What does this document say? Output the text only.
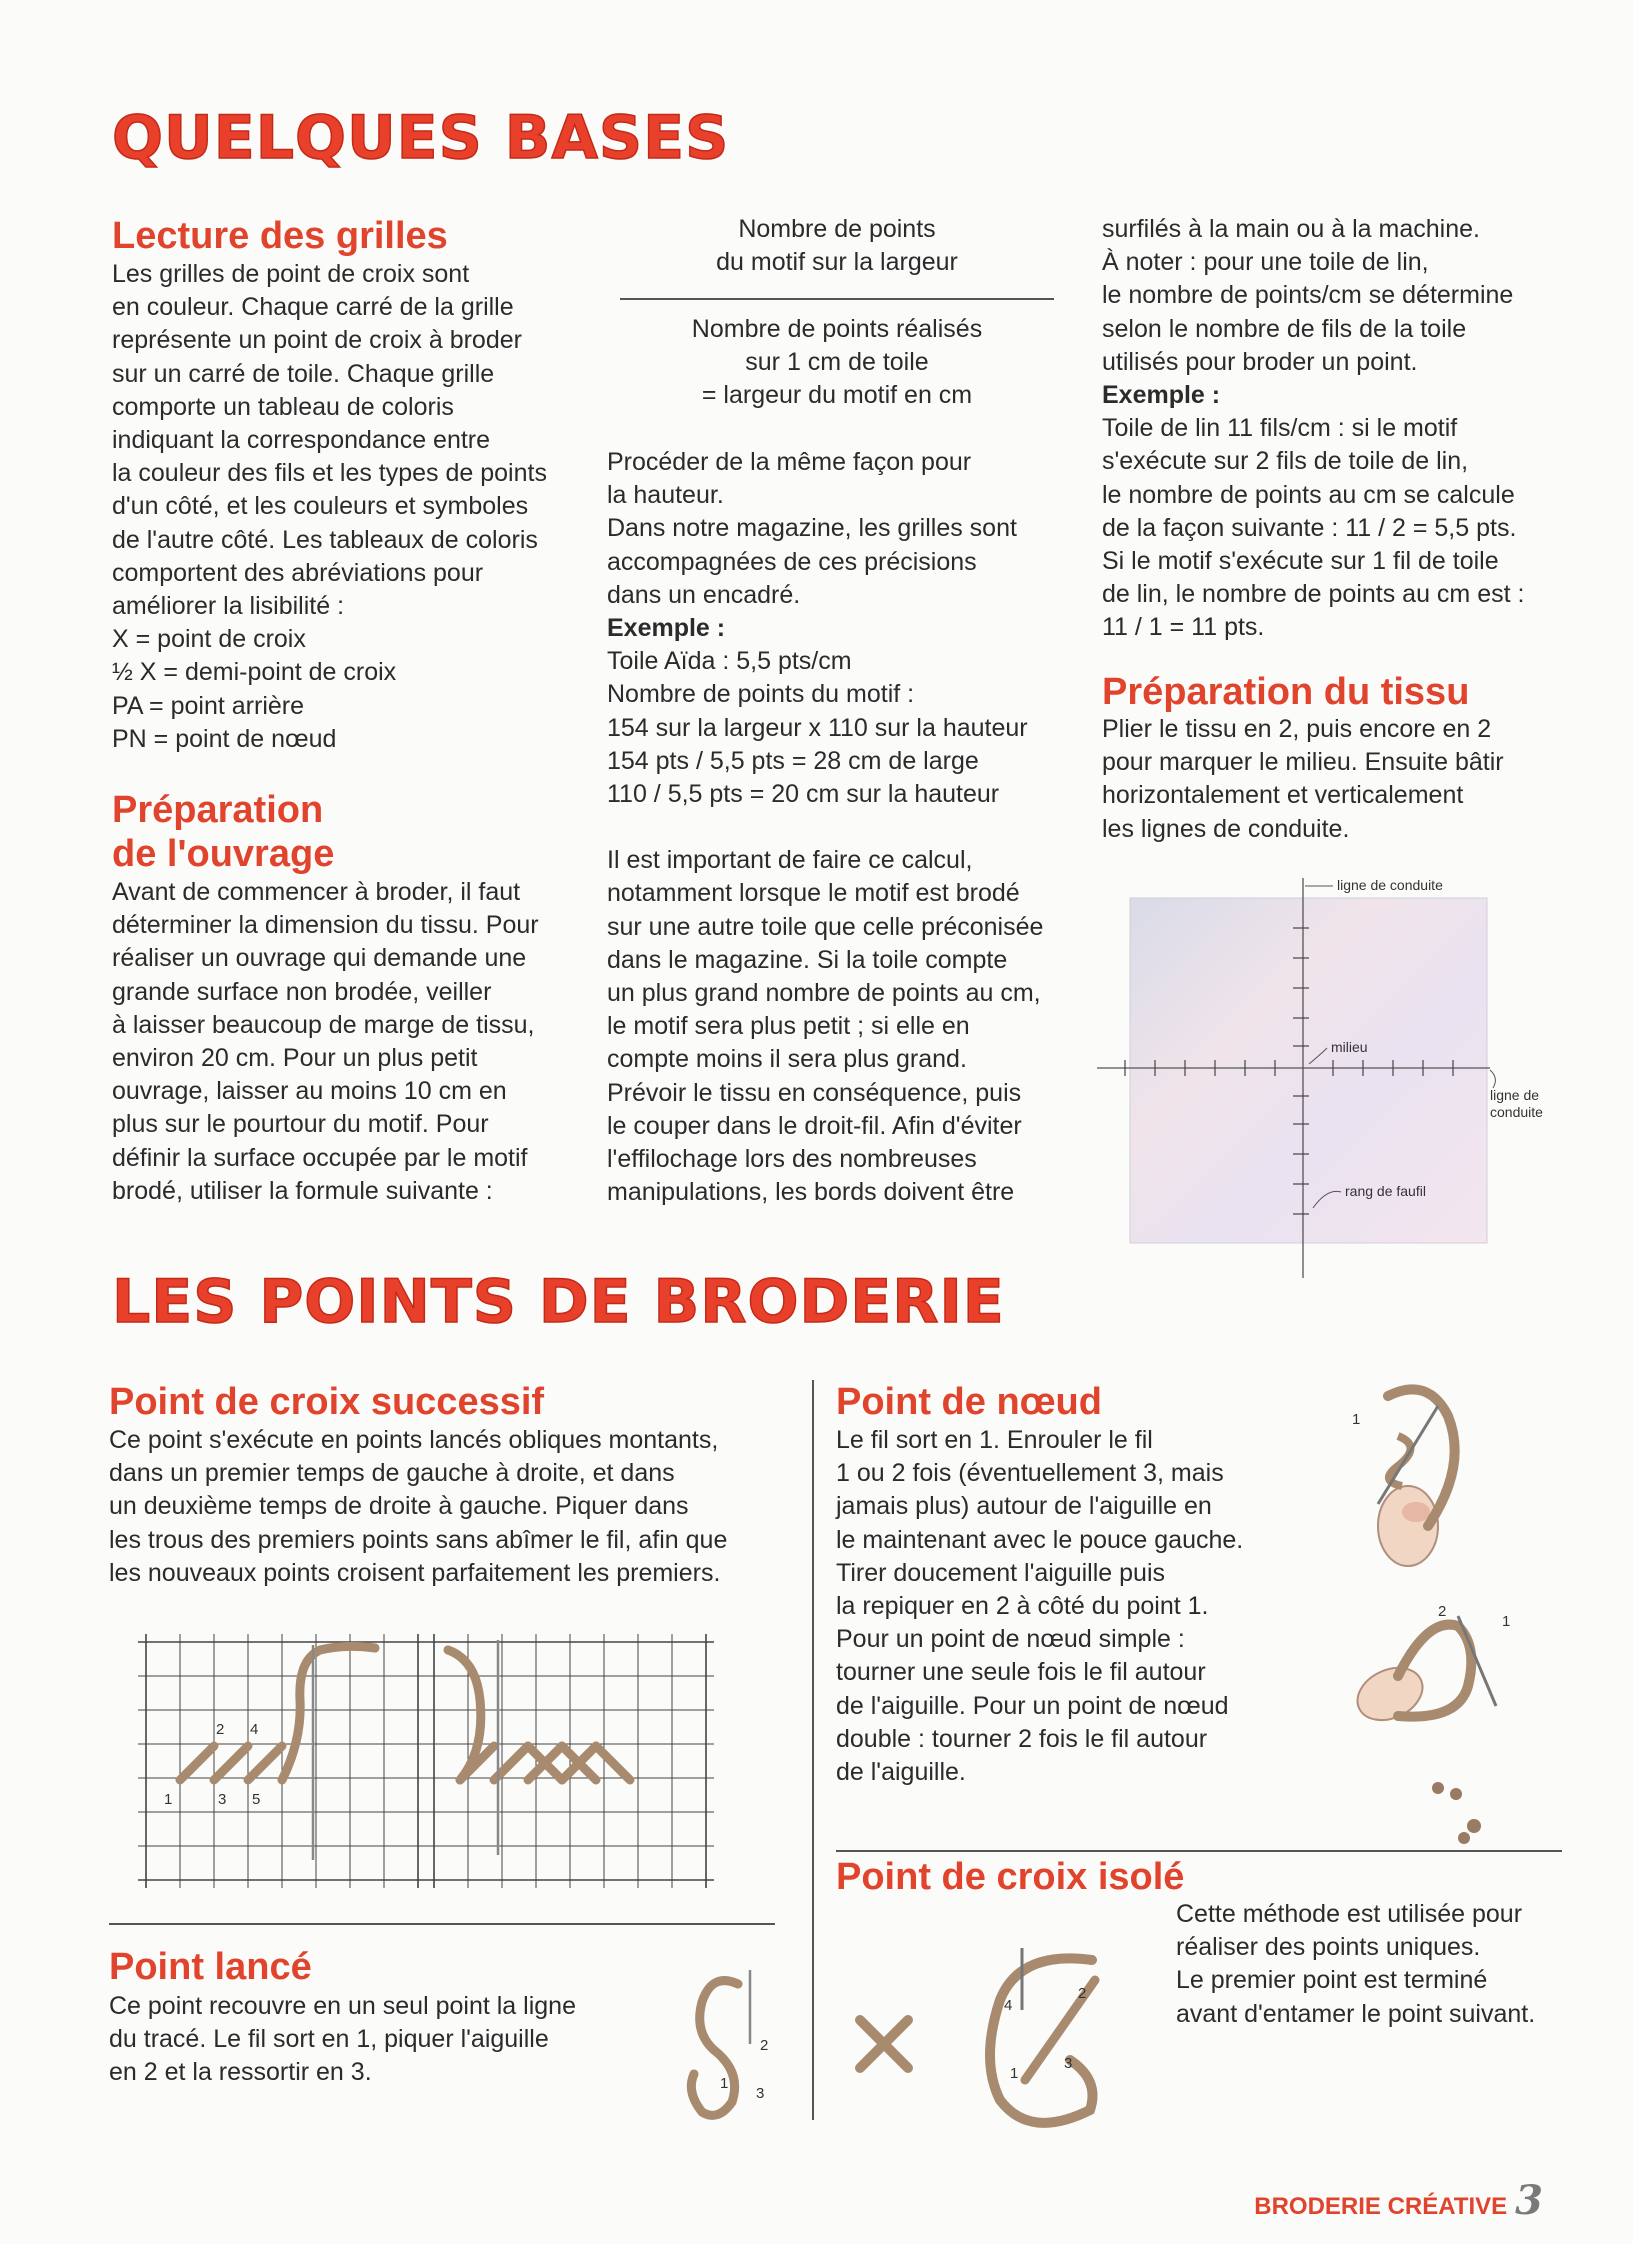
QUELQUES BASES
LES POINTS DE BRODERIE
Lecture des grilles
Les grilles de point de croix sont
en couleur. Chaque carré de la grille
représente un point de croix à broder
sur un carré de toile. Chaque grille
comporte un tableau de coloris
indiquant la correspondance entre
la couleur des fils et les types de points
d'un côté, et les couleurs et symboles
de l'autre côté. Les tableaux de coloris
comportent des abréviations pour
améliorer la lisibilité :
X = point de croix
½ X = demi-point de croix
PA = point arrière
PN = point de nœud
Préparation
de l'ouvrage
Avant de commencer à broder, il faut
déterminer la dimension du tissu. Pour
réaliser un ouvrage qui demande une
grande surface non brodée, veiller
à laisser beaucoup de marge de tissu,
environ 20 cm. Pour un plus petit
ouvrage, laisser au moins 10 cm en
plus sur le pourtour du motif. Pour
définir la surface occupée par le motif
brodé, utiliser la formule suivante :
Nombre de points
du motif sur la largeur
Nombre de points réalisés
sur 1 cm de toile
= largeur du motif en cm
Procéder de la même façon pour
la hauteur.
Dans notre magazine, les grilles sont
accompagnées de ces précisions
dans un encadré.
Exemple :
Toile Aïda : 5,5 pts/cm
Nombre de points du motif :
154 sur la largeur x 110 sur la hauteur
154 pts / 5,5 pts = 28 cm de large
110 / 5,5 pts = 20 cm sur la hauteur
Il est important de faire ce calcul,
notamment lorsque le motif est brodé
sur une autre toile que celle préconisée
dans le magazine. Si la toile compte
un plus grand nombre de points au cm,
le motif sera plus petit ; si elle en
compte moins il sera plus grand.
Prévoir le tissu en conséquence, puis
le couper dans le droit-fil. Afin d'éviter
l'effilochage lors des nombreuses
manipulations, les bords doivent être
surfilés à la main ou à la machine.
À noter : pour une toile de lin,
le nombre de points/cm se détermine
selon le nombre de fils de la toile
utilisés pour broder un point.
Exemple :
Toile de lin 11 fils/cm : si le motif
s'exécute sur 2 fils de toile de lin,
le nombre de points au cm se calcule
de la façon suivante : 11 / 2 = 5,5 pts.
Si le motif s'exécute sur 1 fil de toile
de lin, le nombre de points au cm est :
11 / 1 = 11 pts.
Préparation du tissu
Plier le tissu en 2, puis encore en 2
pour marquer le milieu. Ensuite bâtir
horizontalement et verticalement
les lignes de conduite.
ligne de conduite
milieu
ligne de
conduite
rang de faufil
Point de croix successif
Ce point s'exécute en points lancés obliques montants,
dans un premier temps de gauche à droite, et dans
un deuxième temps de droite à gauche. Piquer dans
les trous des premiers points sans abîmer le fil, afin que
les nouveaux points croisent parfaitement les premiers.
1
2
3
4
5
Point lancé
Ce point recouvre en un seul point la ligne
du tracé. Le fil sort en 1, piquer l'aiguille
en 2 et la ressortir en 3.
2
1
3
Point de nœud
Le fil sort en 1. Enrouler le fil
1 ou 2 fois (éventuellement 3, mais
jamais plus) autour de l'aiguille en
le maintenant avec le pouce gauche.
Tirer doucement l'aiguille puis
la repiquer en 2 à côté du point 1.
Pour un point de nœud simple :
tourner une seule fois le fil autour
de l'aiguille. Pour un point de nœud
double : tourner 2 fois le fil autour
de l'aiguille.
1
2
1
Point de croix isolé
Cette méthode est utilisée pour
réaliser des points uniques.
Le premier point est terminé
avant d'entamer le point suivant.
4
2
1
3
BRODERIE CRÉATIVE 3
